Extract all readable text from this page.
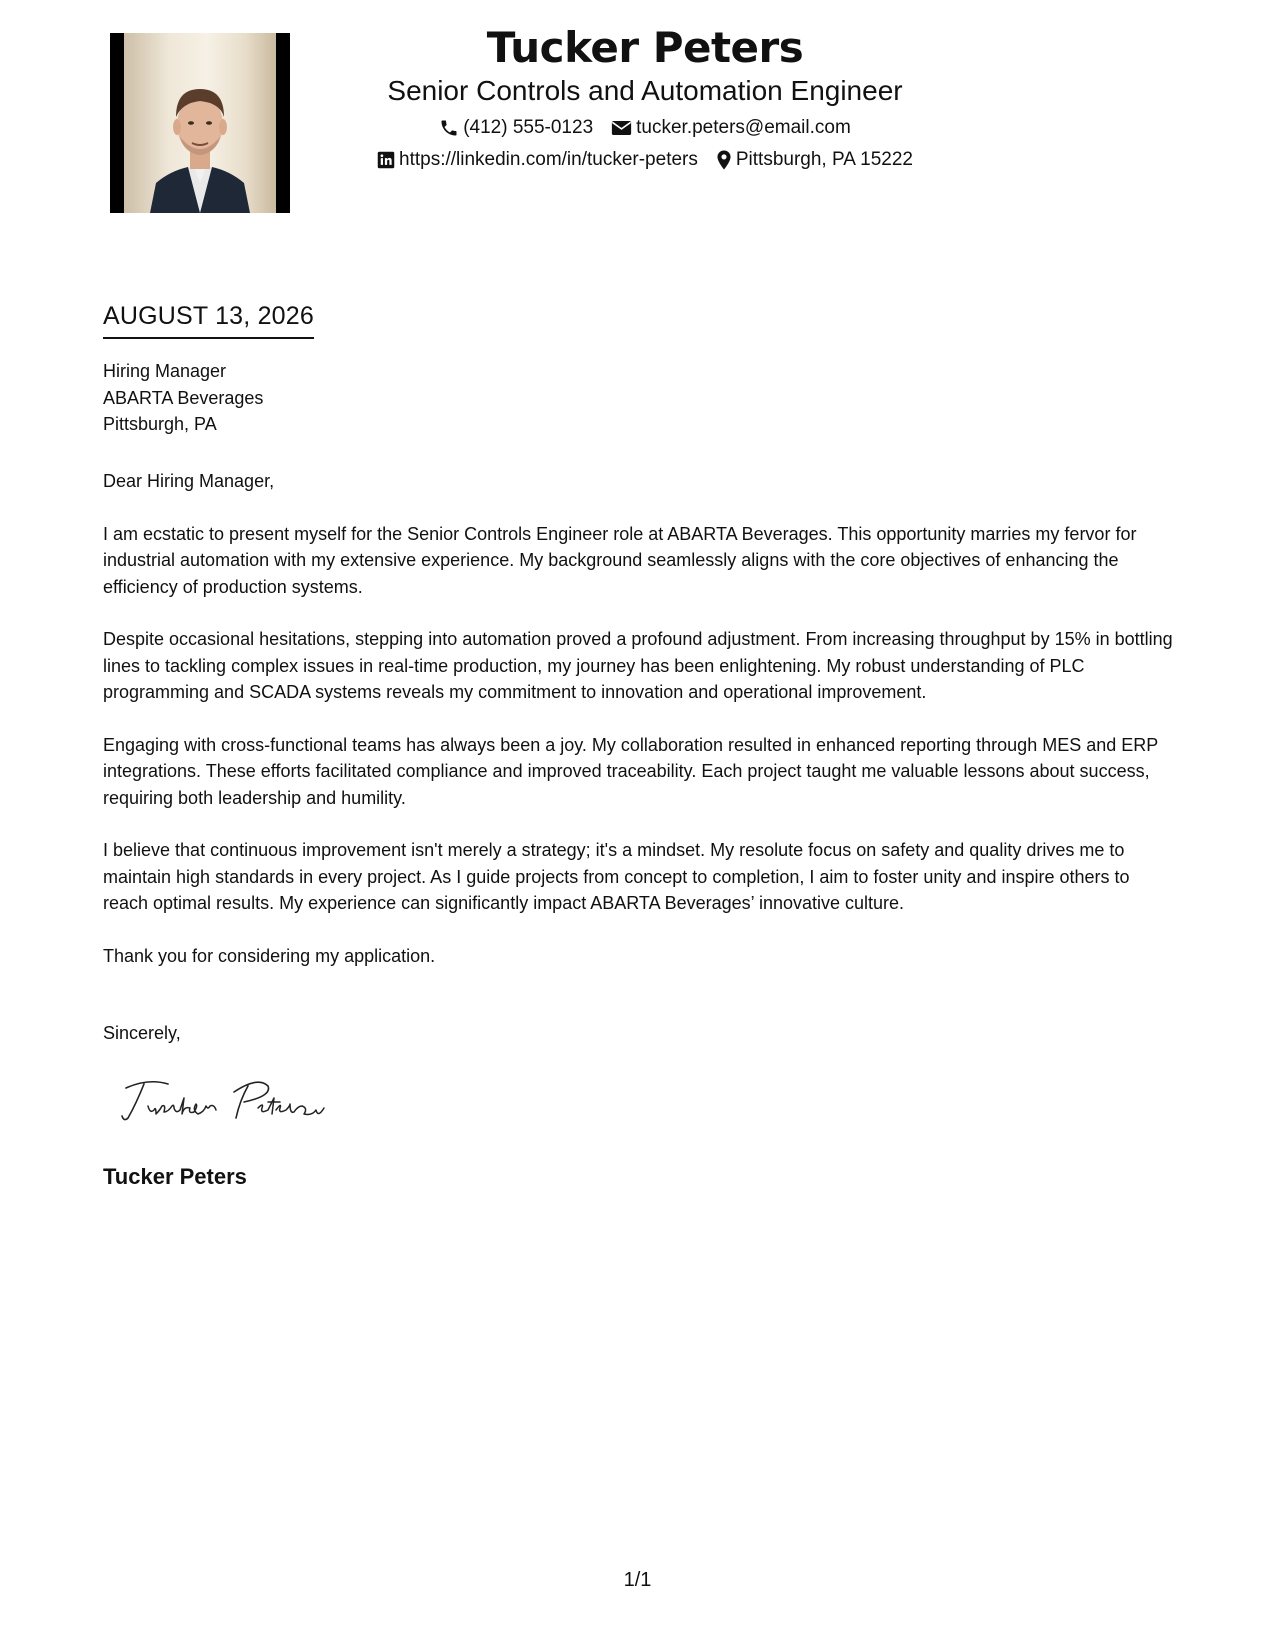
Tucker Peters
Senior Controls and Automation Engineer
(412) 555-0123 tucker.peters@email.com
https://linkedin.com/in/tucker-peters Pittsburgh, PA 15222
AUGUST 13, 2026
Hiring Manager
ABARTA Beverages
Pittsburgh, PA

Dear Hiring Manager,

I am ecstatic to present myself for the Senior Controls Engineer role at ABARTA Beverages. This opportunity marries my fervor for industrial automation with my extensive experience. My background seamlessly aligns with the core objectives of enhancing the efficiency of production systems.

Despite occasional hesitations, stepping into automation proved a profound adjustment. From increasing throughput by 15% in bottling lines to tackling complex issues in real-time production, my journey has been enlightening. My robust understanding of PLC programming and SCADA systems reveals my commitment to innovation and operational improvement.

Engaging with cross-functional teams has always been a joy. My collaboration resulted in enhanced reporting through MES and ERP integrations. These efforts facilitated compliance and improved traceability. Each project taught me valuable lessons about success, requiring both leadership and humility.

I believe that continuous improvement isn't merely a strategy; it's a mindset. My resolute focus on safety and quality drives me to maintain high standards in every project. As I guide projects from concept to completion, I aim to foster unity and inspire others to reach optimal results. My experience can significantly impact ABARTA Beverages’ innovative culture.

Thank you for considering my application.

Sincerely,
Tucker Peters
1/1
